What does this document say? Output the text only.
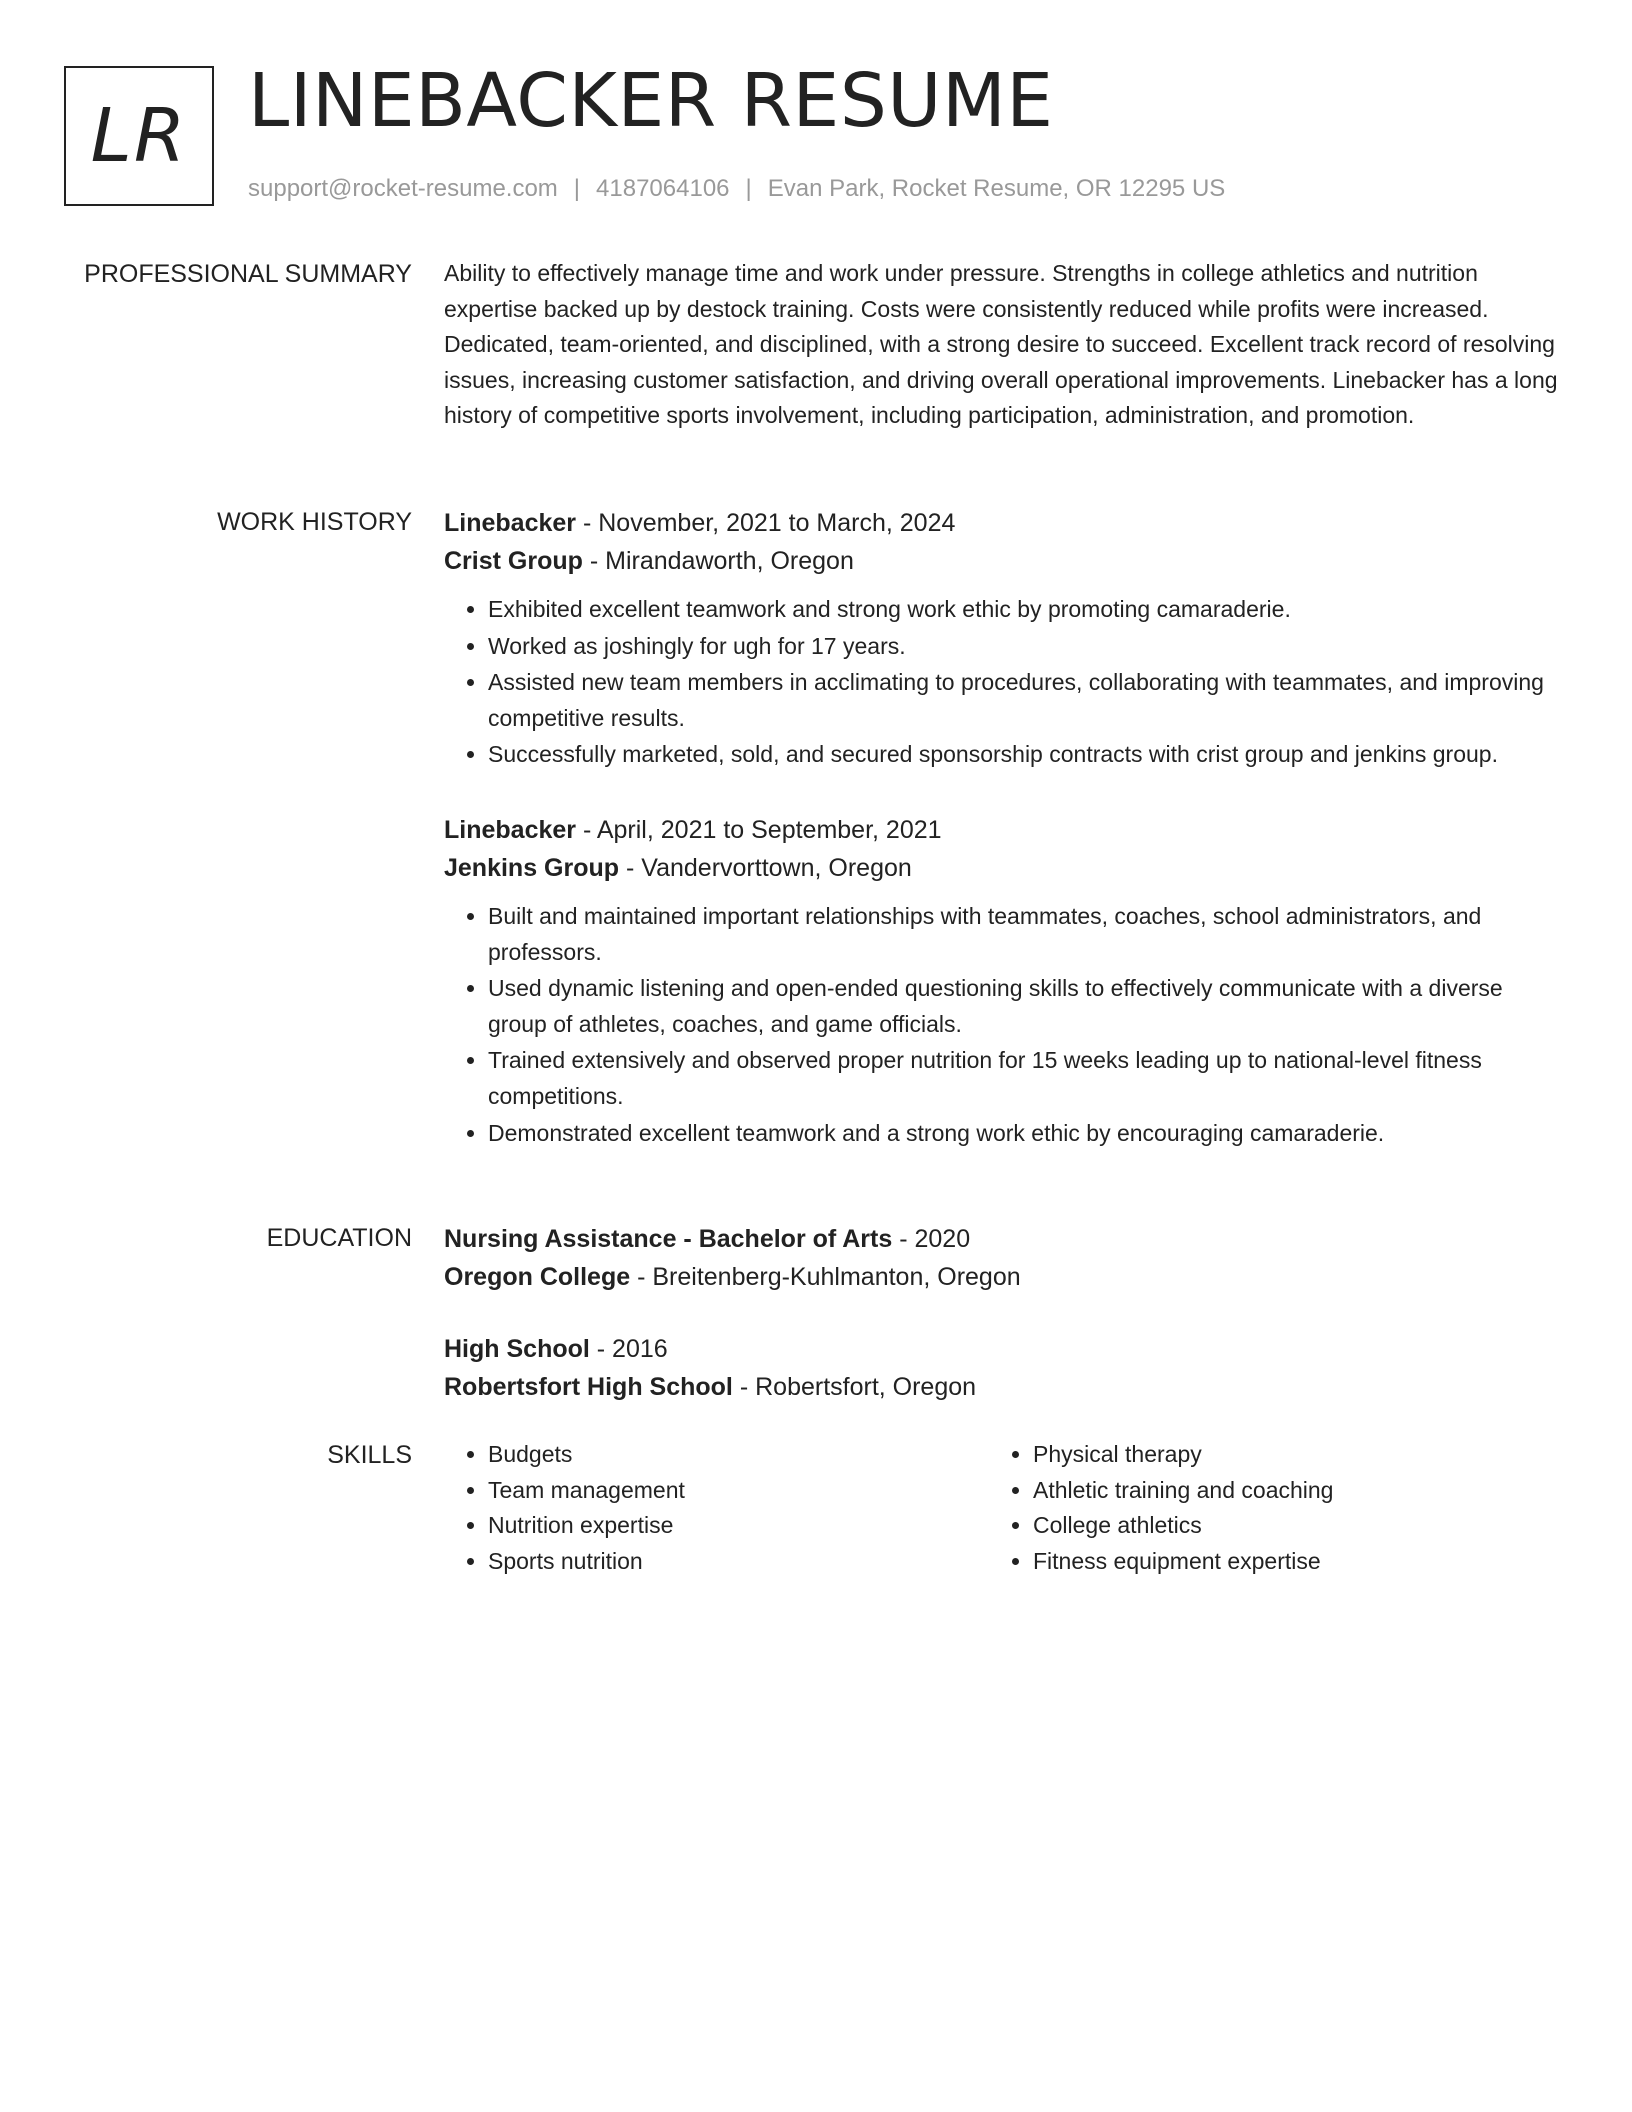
LR LINEBACKER RESUME
support@rocket-resume.com | 4187064106 | Evan Park, Rocket Resume, OR 12295 US
PROFESSIONAL SUMMARY Ability to effectively manage time and work under pressure. Strengths in college athletics and nutrition expertise backed up by destock training. Costs were consistently reduced while profits were increased. Dedicated, team-oriented, and disciplined, with a strong desire to succeed. Excellent track record of resolving issues, increasing customer satisfaction, and driving overall operational improvements. Linebacker has a long history of competitive sports involvement, including participation, administration, and promotion.

WORK HISTORY Linebacker - November, 2021 to March, 2024
Crist Group - Mirandaworth, Oregon
• Exhibited excellent teamwork and strong work ethic by promoting camaraderie.
• Worked as joshingly for ugh for 17 years.
• Assisted new team members in acclimating to procedures, collaborating with teammates, and improving competitive results.
• Successfully marketed, sold, and secured sponsorship contracts with crist group and jenkins group.
Linebacker - April, 2021 to September, 2021
Jenkins Group - Vandervorttown, Oregon
• Built and maintained important relationships with teammates, coaches, school administrators, and professors.
• Used dynamic listening and open-ended questioning skills to effectively communicate with a diverse group of athletes, coaches, and game officials.
• Trained extensively and observed proper nutrition for 15 weeks leading up to national-level fitness competitions.
• Demonstrated excellent teamwork and a strong work ethic by encouraging camaraderie.
EDUCATION Nursing Assistance - Bachelor of Arts - 2020
Oregon College - Breitenberg-Kuhlmanton, Oregon
High School - 2016
Robertsfort High School - Robertsfort, Oregon
SKILLS
•	Budgets
• Team management
• Nutrition expertise
• Sports nutrition
• Physical therapy
• Athletic training and coaching
• College athletics
• Fitness equipment expertise
